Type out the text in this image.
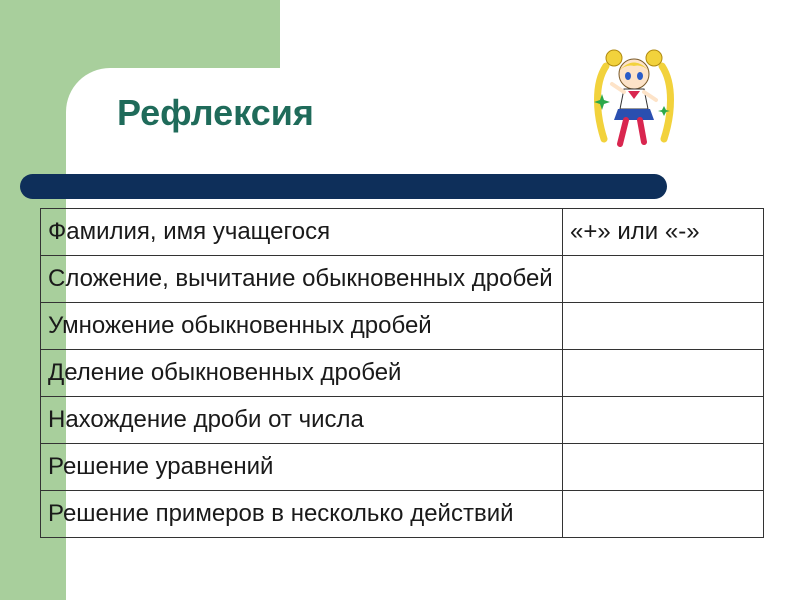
Рефлексия
Фамилия, имя учащегося	«+» или «-»
Сложение, вычитание обыкновенных дробей	
Умножение обыкновенных дробей	
Деление обыкновенных дробей	
Нахождение дроби от числа	
Решение уравнений	
Решение примеров в несколько действий	
